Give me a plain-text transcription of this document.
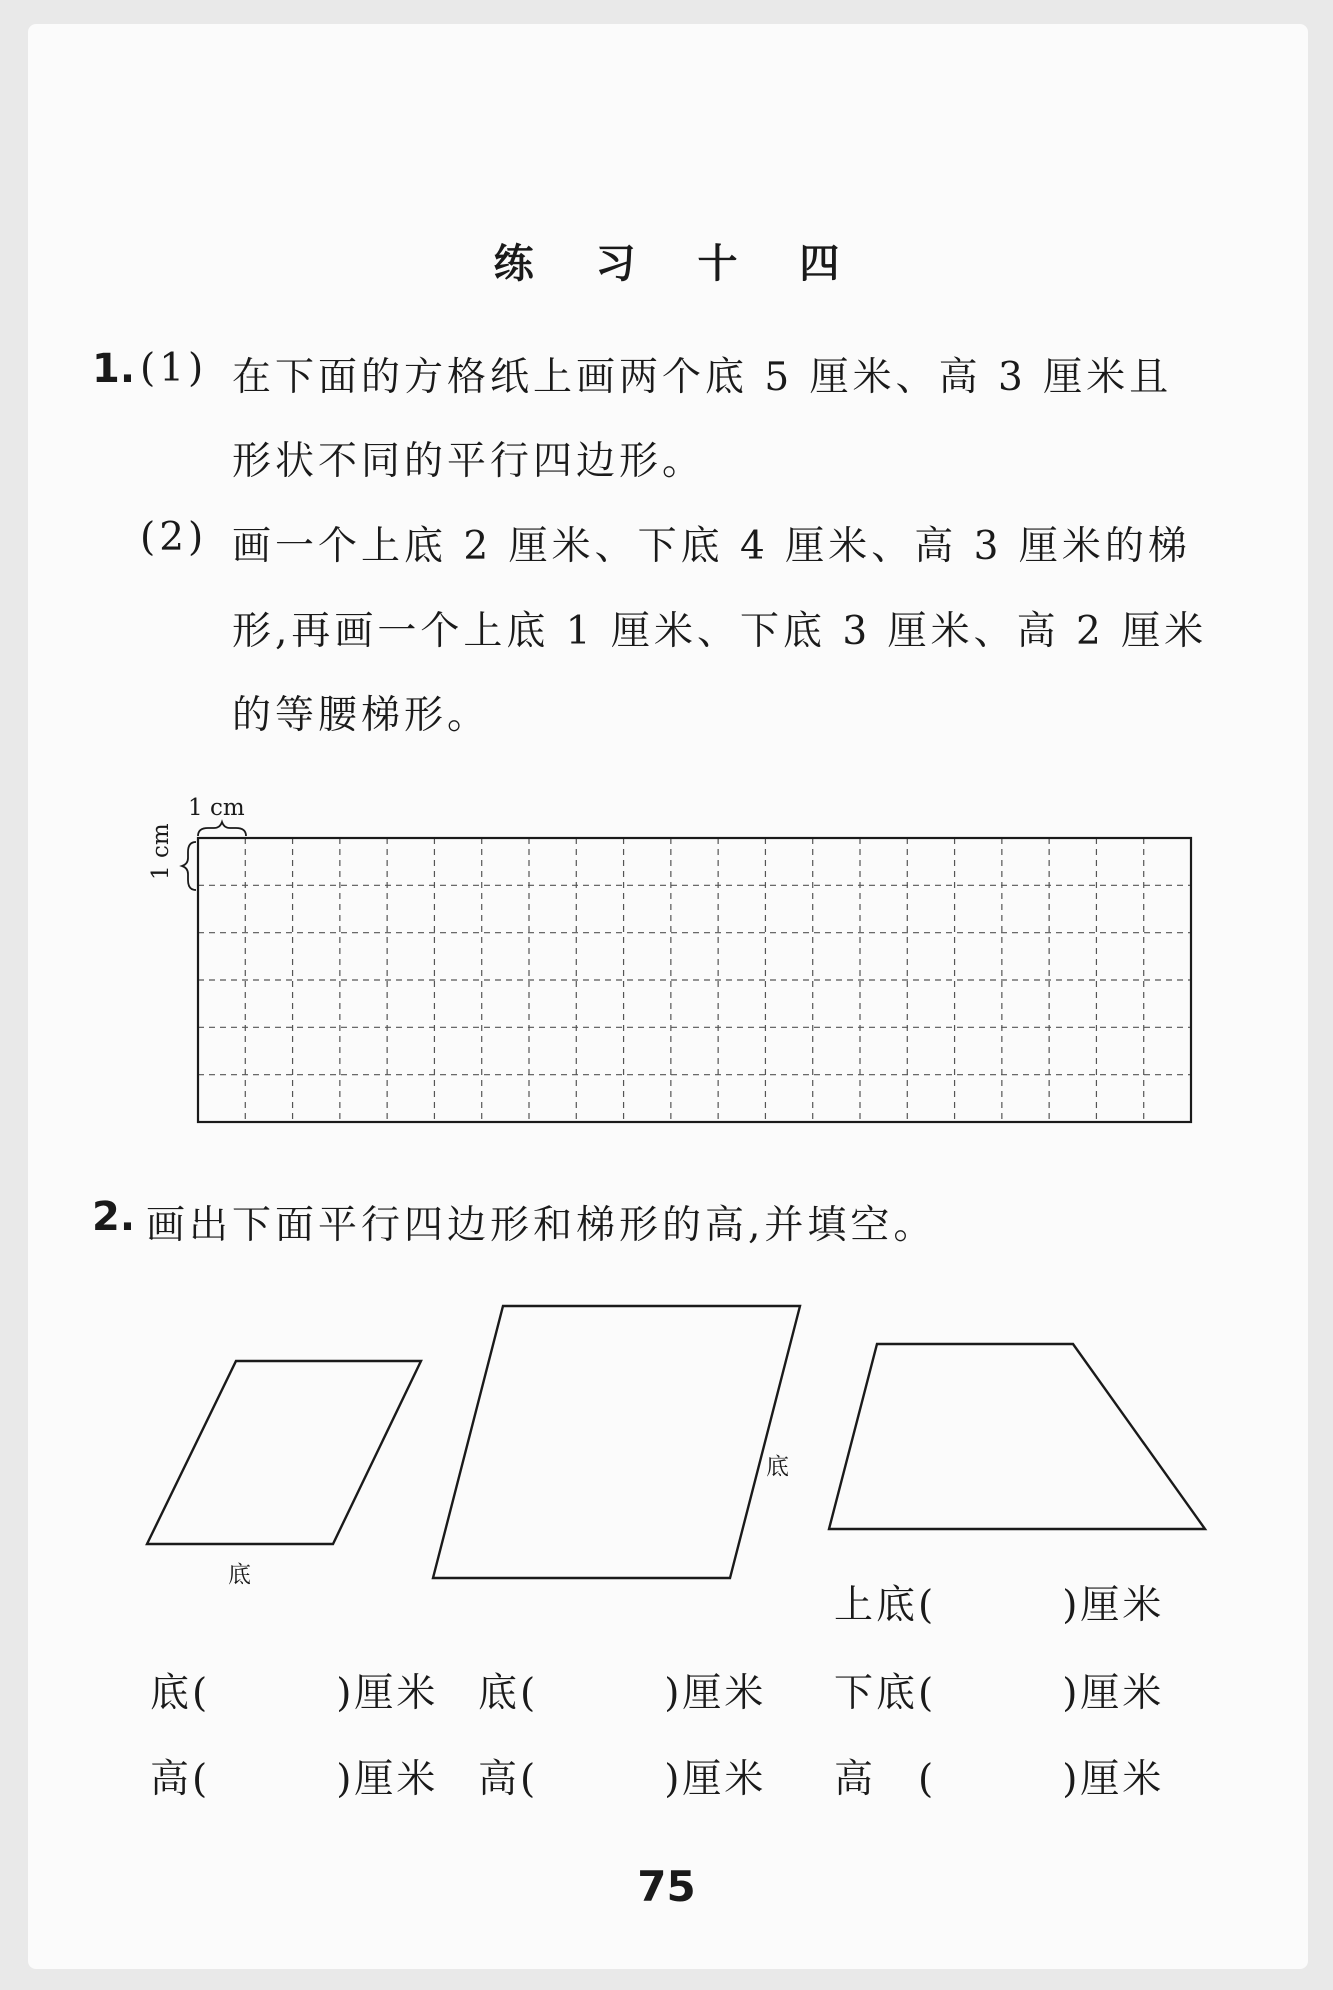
练 习 十 四
1. (1) 在下面的方格纸上画两个底 5 厘米、高 3 厘米且
形状不同的平行四边形。
(2) 画一个上底 2 厘米、下底 4 厘米、高 3 厘米的梯
形,再画一个上底 1 厘米、下底 3 厘米、高 2 厘米
的等腰梯形。
1 cm
1 cm
2. 画出下面平行四边形和梯形的高,并填空。
底
底
上底(　　　)厘米
底(　　　)厘米 底(　　　)厘米 下底(　　　)厘米
高(　　　)厘米 高(　　　)厘米 高　(　　　)厘米
75
